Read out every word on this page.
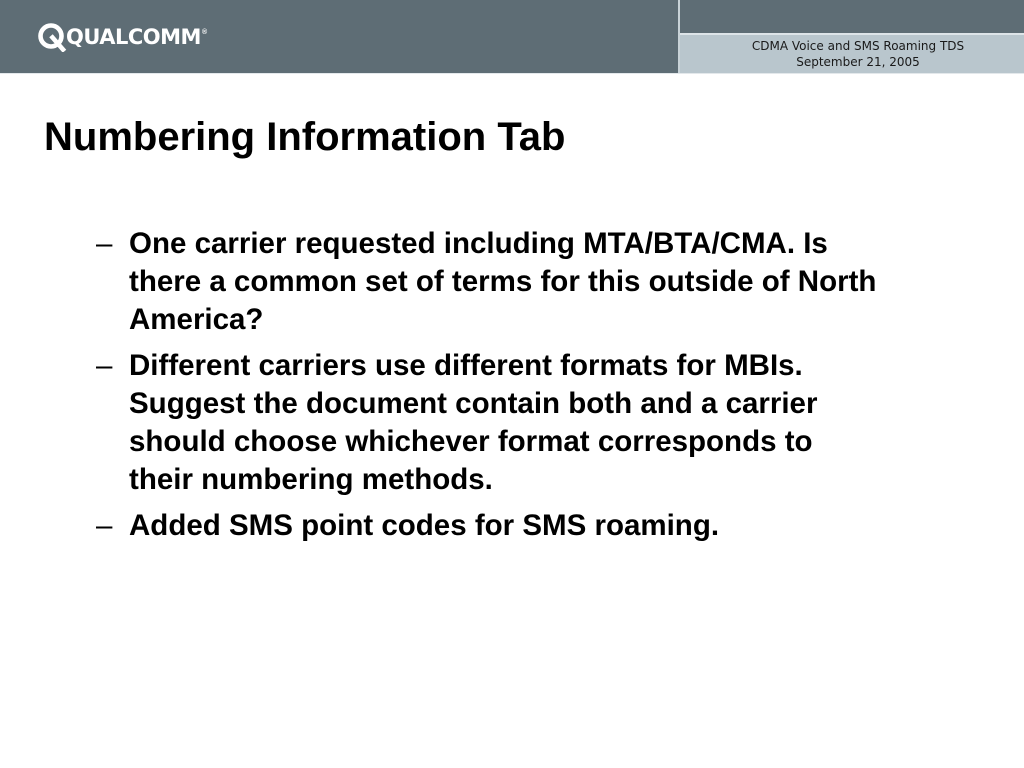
QUALCOMM ®
CDMA Voice and SMS Roaming TDS
September 21, 2005
Numbering Information Tab
– One carrier requested including MTA/BTA/CMA. Is
there a common set of terms for this outside of North
America?
– Different carriers use different formats for MBIs.
Suggest the document contain both and a carrier
should choose whichever format corresponds to
their numbering methods.
– Added SMS point codes for SMS roaming.
